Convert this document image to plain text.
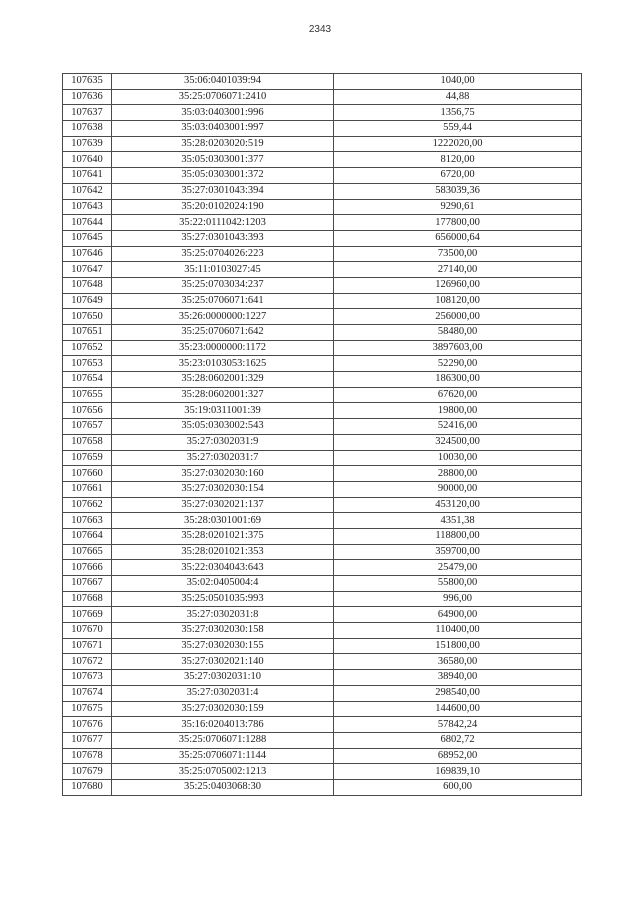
2343
107635	35:06:0401039:94	1040,00
107636	35:25:0706071:2410	44,88
107637	35:03:0403001:996	1356,75
107638	35:03:0403001:997	559,44
107639	35:28:0203020:519	1222020,00
107640	35:05:0303001:377	8120,00
107641	35:05:0303001:372	6720,00
107642	35:27:0301043:394	583039,36
107643	35:20:0102024:190	9290,61
107644	35:22:0111042:1203	177800,00
107645	35:27:0301043:393	656000,64
107646	35:25:0704026:223	73500,00
107647	35:11:0103027:45	27140,00
107648	35:25:0703034:237	126960,00
107649	35:25:0706071:641	108120,00
107650	35:26:0000000:1227	256000,00
107651	35:25:0706071:642	58480,00
107652	35:23:0000000:1172	3897603,00
107653	35:23:0103053:1625	52290,00
107654	35:28:0602001:329	186300,00
107655	35:28:0602001:327	67620,00
107656	35:19:0311001:39	19800,00
107657	35:05:0303002:543	52416,00
107658	35:27:0302031:9	324500,00
107659	35:27:0302031:7	10030,00
107660	35:27:0302030:160	28800,00
107661	35:27:0302030:154	90000,00
107662	35:27:0302021:137	453120,00
107663	35:28:0301001:69	4351,38
107664	35:28:0201021:375	118800,00
107665	35:28:0201021:353	359700,00
107666	35:22:0304043:643	25479,00
107667	35:02:0405004:4	55800,00
107668	35:25:0501035:993	996,00
107669	35:27:0302031:8	64900,00
107670	35:27:0302030:158	110400,00
107671	35:27:0302030:155	151800,00
107672	35:27:0302021:140	36580,00
107673	35:27:0302031:10	38940,00
107674	35:27:0302031:4	298540,00
107675	35:27:0302030:159	144600,00
107676	35:16:0204013:786	57842,24
107677	35:25:0706071:1288	6802,72
107678	35:25:0706071:1144	68952,00
107679	35:25:0705002:1213	169839,10
107680	35:25:0403068:30	600,00
